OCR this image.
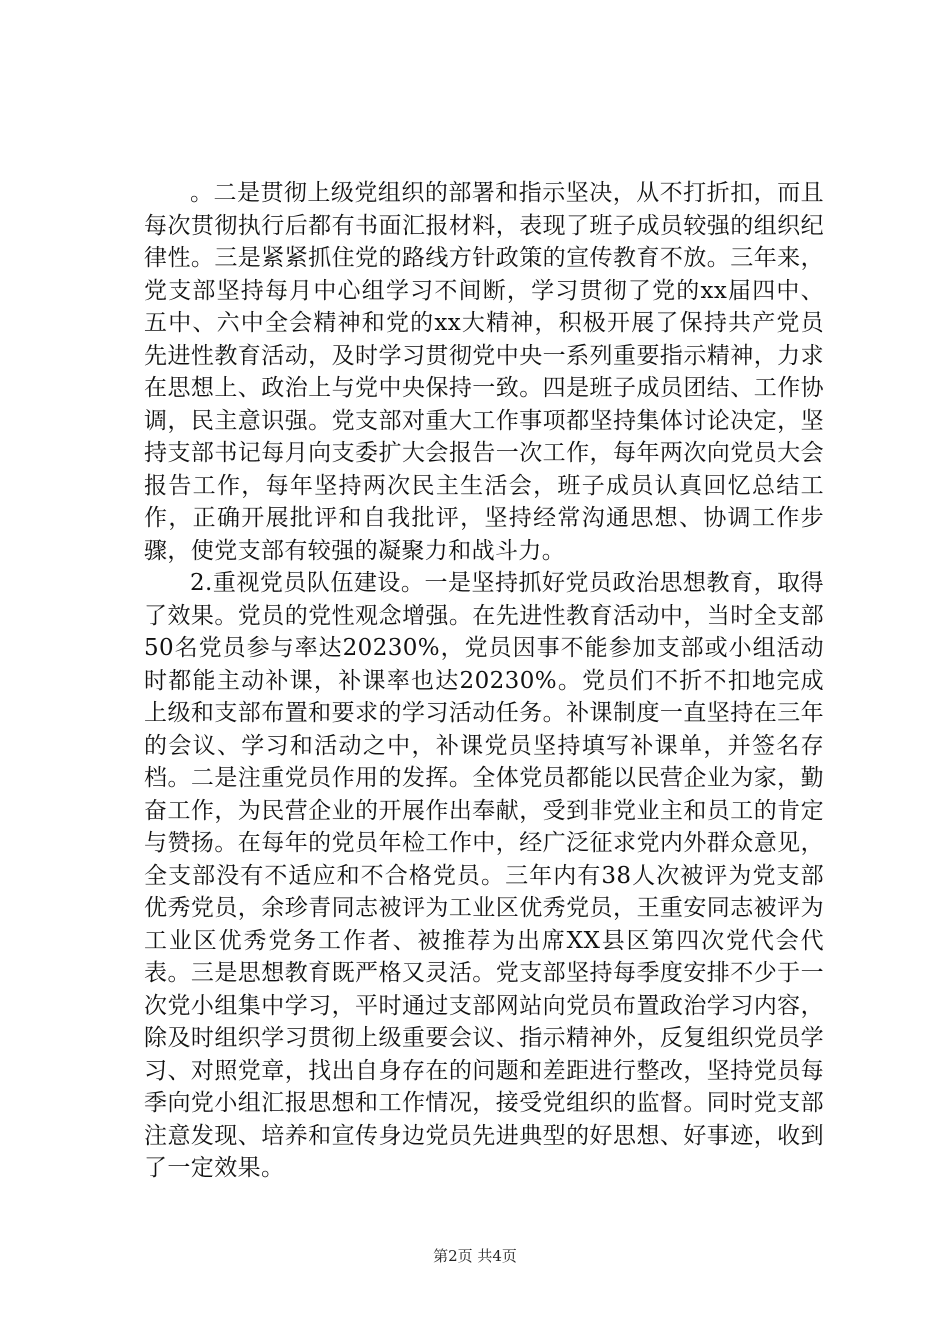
。二是贯彻上级党组织的部署和指示坚决，从不打折扣，而且每次贯彻执行后都有书面汇报材料，表现了班子成员较强的组织纪律性。三是紧紧抓住党的路线方针政策的宣传教育不放。三年来，党支部坚持每月中心组学习不间断，学习贯彻了党的xx届四中、五中、六中全会精神和党的xx大精神，积极开展了保持共产党员先进性教育活动，及时学习贯彻党中央一系列重要指示精神，力求在思想上、政治上与党中央保持一致。四是班子成员团结、工作协调，民主意识强。党支部对重大工作事项都坚持集体讨论决定，坚持支部书记每月向支委扩大会报告一次工作，每年两次向党员大会报告工作，每年坚持两次民主生活会，班子成员认真回忆总结工作，正确开展批评和自我批评，坚持经常沟通思想、协调工作步骤，使党支部有较强的凝聚力和战斗力。

2.重视党员队伍建设。一是坚持抓好党员政治思想教育，取得了效果。党员的党性观念增强。在先进性教育活动中，当时全支部50名党员参与率达20230%，党员因事不能参加支部或小组活动时都能主动补课，补课率也达20230%。党员们不折不扣地完成上级和支部布置和要求的学习活动任务。补课制度一直坚持在三年的会议、学习和活动之中，补课党员坚持填写补课单，并签名存档。二是注重党员作用的发挥。全体党员都能以民营企业为家，勤奋工作，为民营企业的开展作出奉献，受到非党业主和员工的肯定与赞扬。在每年的党员年检工作中，经广泛征求党内外群众意见，全支部没有不适应和不合格党员。三年内有38人次被评为党支部优秀党员，余珍青同志被评为工业区优秀党员，王重安同志被评为工业区优秀党务工作者、被推荐为出席XX县区第四次党代会代表。三是思想教育既严格又灵活。党支部坚持每季度安排不少于一次党小组集中学习，平时通过支部网站向党员布置政治学习内容，除及时组织学习贯彻上级重要会议、指示精神外，反复组织党员学习、对照党章，找出自身存在的问题和差距进行整改，坚持党员每季向党小组汇报思想和工作情况，接受党组织的监督。同时党支部注意发现、培养和宣传身边党员先进典型的好思想、好事迹，收到了一定效果。

第2页 共4页
